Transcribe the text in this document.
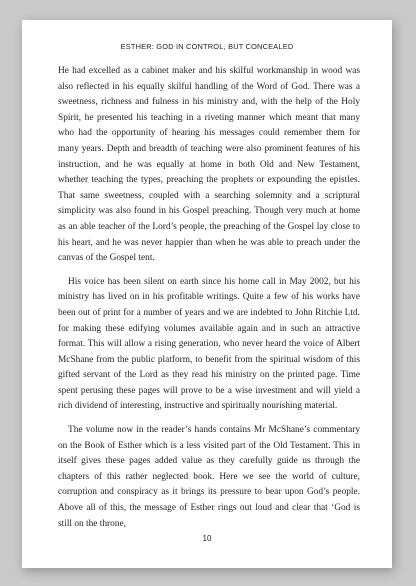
ESTHER: GOD IN CONTROL, BUT CONCEALED

He had excelled as a cabinet maker and his skilful workmanship in wood was also reflected in his equally skilful handling of the Word of God. There was a sweetness, richness and fulness in his ministry and, with the help of the Holy Spirit, he presented his teaching in a riveting manner which meant that many who had the opportunity of hearing his messages could remember them for many years. Depth and breadth of teaching were also prominent features of his instruction, and he was equally at home in both Old and New Testament, whether teaching the types, preaching the prophets or expounding the epistles. That same sweetness, coupled with a searching solemnity and a scriptural simplicity was also found in his Gospel preaching. Though very much at home as an able teacher of the Lord’s people, the preaching of the Gospel lay close to his heart, and he was never happier than when he was able to preach under the canvas of the Gospel tent.

His voice has been silent on earth since his home call in May 2002, but his ministry has lived on in his profitable writings. Quite a few of his works have been out of print for a number of years and we are indebted to John Ritchie Ltd. for making these edifying volumes available again and in such an attractive format. This will allow a rising generation, who never heard the voice of Albert McShane from the public platform, to benefit from the spiritual wisdom of this gifted servant of the Lord as they read his ministry on the printed page. Time spent perusing these pages will prove to be a wise investment and will yield a rich dividend of interesting, instructive and spiritually nourishing material.

The volume now in the reader’s hands contains Mr McShane’s commentary on the Book of Esther which is a less visited part of the Old Testament. This in itself gives these pages added value as they carefully guide us through the chapters of this rather neglected book. Here we see the world of culture, corruption and conspiracy as it brings its pressure to bear upon God’s people. Above all of this, the message of Esther rings out loud and clear that ‘God is still on the throne,

10
